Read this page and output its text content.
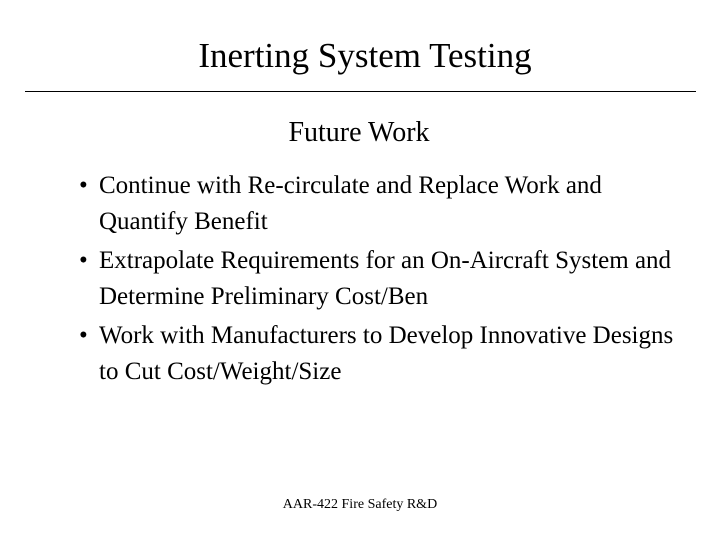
Inerting System Testing
Future Work
• Continue with Re-circulate and Replace Work and Quantify Benefit
• Extrapolate Requirements for an On-Aircraft System and Determine Preliminary Cost/Ben
• Work with Manufacturers to Develop Innovative Designs to Cut Cost/Weight/Size
AAR-422 Fire Safety R&D
